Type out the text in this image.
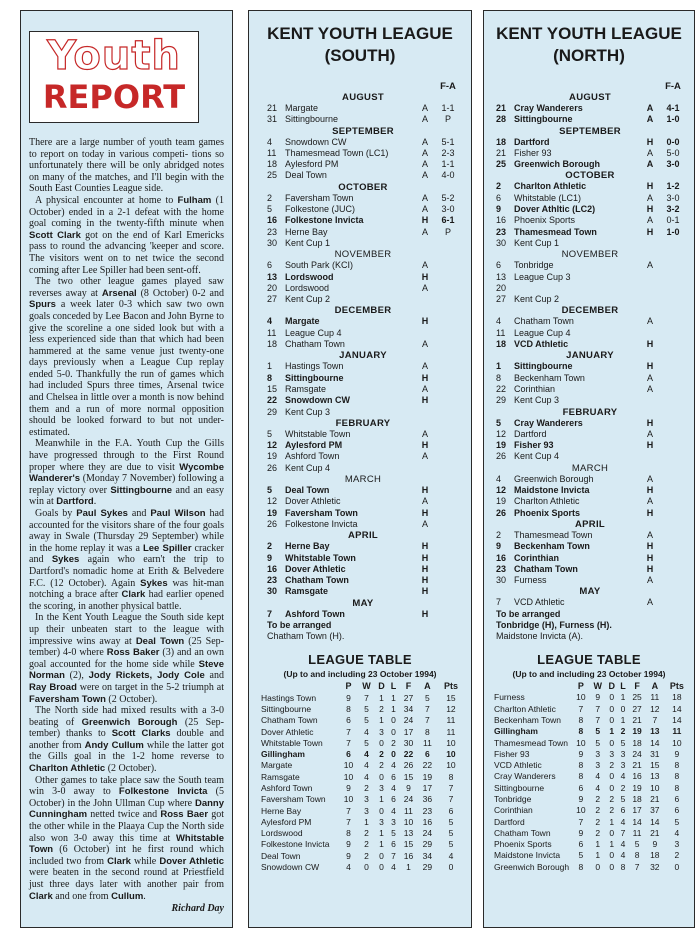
Youth
REPORT

There are a large number of youth team games to report on today in various competi- tions so unfortunately there will be only abridged notes on many of the matches, and I'll begin with the South East Counties League side.

A physical encounter at home to Fulham (1 October) ended in a 2-1 defeat with the home goal coming in the twenty-fifth minute when Scott Clark got on the end of Karl Emericks pass to round the advancing 'keeper and score. The visitors went on to net twice the second coming after Lee Spiller had been sent-off.

The two other league games played saw reverses away at Arsenal (8 October) 0-2 and Spurs a week later 0-3 which saw two own goals conceded by Lee Bacon and John Byrne to give the scoreline a one sided look but with a less experienced side than that which had been hammered at the same venue just twenty-one days previously when a League Cup replay ended 5-0. Thankfully the run of games which had included Spurs three times, Arsenal twice and Chelsea in little over a month is now behind them and a run of more normal opposition should be looked forward to but not under-estimated.

Meanwhile in the F.A. Youth Cup the Gills have progressed through to the First Round proper where they are due to visit Wycombe Wanderer's (Monday 7 November) following a replay victory over Sittingbourne and an easy win at Dartford.

Goals by Paul Sykes and Paul Wilson had accounted for the visitors share of the four goals away in Swale (Thursday 29 September) while in the home replay it was a Lee Spiller cracker and Sykes again who earn't the trip to Dartford's nomadic home at Erith & Belvedere F.C. (12 October). Again Sykes was hit-man notching a brace after Clark had earlier opened the scoring, in another physical battle.

In the Kent Youth League the South side kept up their unbeaten start to the league with impressive wins away at Deal Town (25 Sep- tember) 4-0 where Ross Baker (3) and an own goal accounted for the home side while Steve Norman (2), Jody Rickets, Jody Cole and Ray Broad were on target in the 5-2 triumph at Faversham Town (2 October).

The North side had mixed results with a 3-0 beating of Greenwich Borough (25 Sep- tember) thanks to Scott Clarks double and another from Andy Cullum while the latter got the Gills goal in the 1-2 home reverse to Charlton Athletic (2 October).

Other games to take place saw the South team win 3-0 away to Folkestone Invicta (5 October) in the John Ullman Cup where Danny Cunningham netted twice and Ross Baer got the other while in the Plaaya Cup the North side also won 3-0 away this time at Whitstable Town (6 October) int he first round which included two from Clark while Dover Athletic were beaten in the second round at Priestfield just three days later with another pair from Clark and one from Cullum.

Richard Day
KENT YOUTH LEAGUE
(SOUTH)
F-A
AUGUST
21 Margate	A	1-1
31 Sittingbourne	A	P
SEPTEMBER
4	Snowdown CW	A	5-1
11 Thamesmead Town (LC1)	A	2-3
18 Aylesford PM	A	1-1
25 Deal Town	A	4-0
OCTOBER
2	Faversham Town	A	5-2
5	Folkestone (JUC)	A	3-0
16 Folkestone Invicta	H	6-1
23 Herne Bay	A	P
30 Kent Cup 1
NOVEMBER
6	South Park (KCI)	A
13 Lordswood	H
20 Lordswood	A
27 Kent Cup 2
DECEMBER
4	Margate	H
11 League Cup 4
18 Chatham Town	A
JANUARY
1	Hastings Town	A
8	Sittingbourne	H
15 Ramsgate	A
22 Snowdown CW	H
29 Kent Cup 3
FEBRUARY
5	Whitstable Town	A
12 Aylesford PM	H
19 Ashford Town	A
26 Kent Cup 4
MARCH
5	Deal Town	H
12 Dover Athletic	A
19 Faversham Town	H
26 Folkestone Invicta	A
APRIL
2	Herne Bay	H
9	Whitstable Town	H
16 Dover Athletic	H
23 Chatham Town	H
30 Ramsgate	H
MAY
7	Ashford Town	H
To be arranged
Chatham Town (H).
LEAGUE TABLE
(Up to and including 23 October 1994)
	P	W	D	L	F	A	Pts
Hastings Town	9	7	1	1	27	5	15
Sittingbourne	8	5	2	1	34	7	12
Chatham Town	6	5	1	0	24	7	11
Dover Athletic	7	4	3	0	17	8	11
Whitstable Town	7	5	0	2	30	11	10
Gillingham	6	4	2	0	22	6	10
Margate	10	4	2	4	26	22	10
Ramsgate	10	4	0	6	15	19	8
Ashford Town	9	2	3	4	9	17	7
Faversham Town	10	3	1	6	24	36	7
Herne Bay	7	3	0	4	11	23	6
Aylesford PM	7	1	3	3	10	16	5
Lordswood	8	2	1	5	13	24	5
Folkestone Invicta	9	2	1	6	15	29	5
Deal Town	9	2	0	7	16	34	4
Snowdown CW	4	0	0	4	1	29	0
KENT YOUTH LEAGUE
(NORTH)
F-A
AUGUST
21 Cray Wanderers	A	4-1
28 Sittingbourne	A	1-0
SEPTEMBER
18 Dartford	H	0-0
21 Fisher 93	A	5-0
25 Greenwich Borough	A	3-0
OCTOBER
2	Charlton Athletic	H	1-2
6	Whitstable (LC1)	A	3-0
9	Dover Athltic (LC2)	H	3-2
16 Phoenix Sports	A	0-1
23 Thamesmead Town	H	1-0
30 Kent Cup 1
NOVEMBER
6	Tonbridge	A
13 League Cup 3
20
27 Kent Cup 2
DECEMBER
4	Chatham Town	A
11 League Cup 4
18 VCD Athletic	H
JANUARY
1	Sittingbourne	H
8	Beckenham Town	A
22 Corinthian	A
29 Kent Cup 3
FEBRUARY
5	Cray Wanderers	H
12 Dartford	A
19 Fisher 93	H
26 Kent Cup 4
MARCH
4	Greenwich Borough	A
12 Maidstone Invicta	H
19 Charlton Athletic	A
26 Phoenix Sports	H
APRIL
2	Thamesmead Town	A
9	Beckenham Town	H
16 Corinthian	H
23 Chatham Town	H
30 Furness	A
MAY
7	VCD Athletic	A
To be arranged
Tonbridge (H), Furness (H).
Maidstone Invicta (A).
LEAGUE TABLE
(Up to and including 23 October 1994)
	P	W	D	L	F	A	Pts
Furness	10	9	0	1	25	11	18
Charlton Athletic	7	7	0	0	27	12	14
Beckenham Town	8	7	0	1	21	7	14
Gillingham	8	5	1	2	19	13	11
Thamesmead Town	10	5	0	5	18	14	10
Fisher 93	9	3	3	3	24	31	9
VCD Athletic	8	3	2	3	21	15	8
Cray Wanderers	8	4	0	4	16	13	8
Sittingbourne	6	4	0	2	19	10	8
Tonbridge	9	2	2	5	18	21	6
Corinthian	10	2	2	6	17	37	6
Dartford	7	2	1	4	14	14	5
Chatham Town	9	2	0	7	11	21	4
Phoenix Sports	6	1	1	4	5	9	3
Maidstone Invicta	5	1	0	4	8	18	2
Greenwich Borough	8	0	0	8	7	32	0
